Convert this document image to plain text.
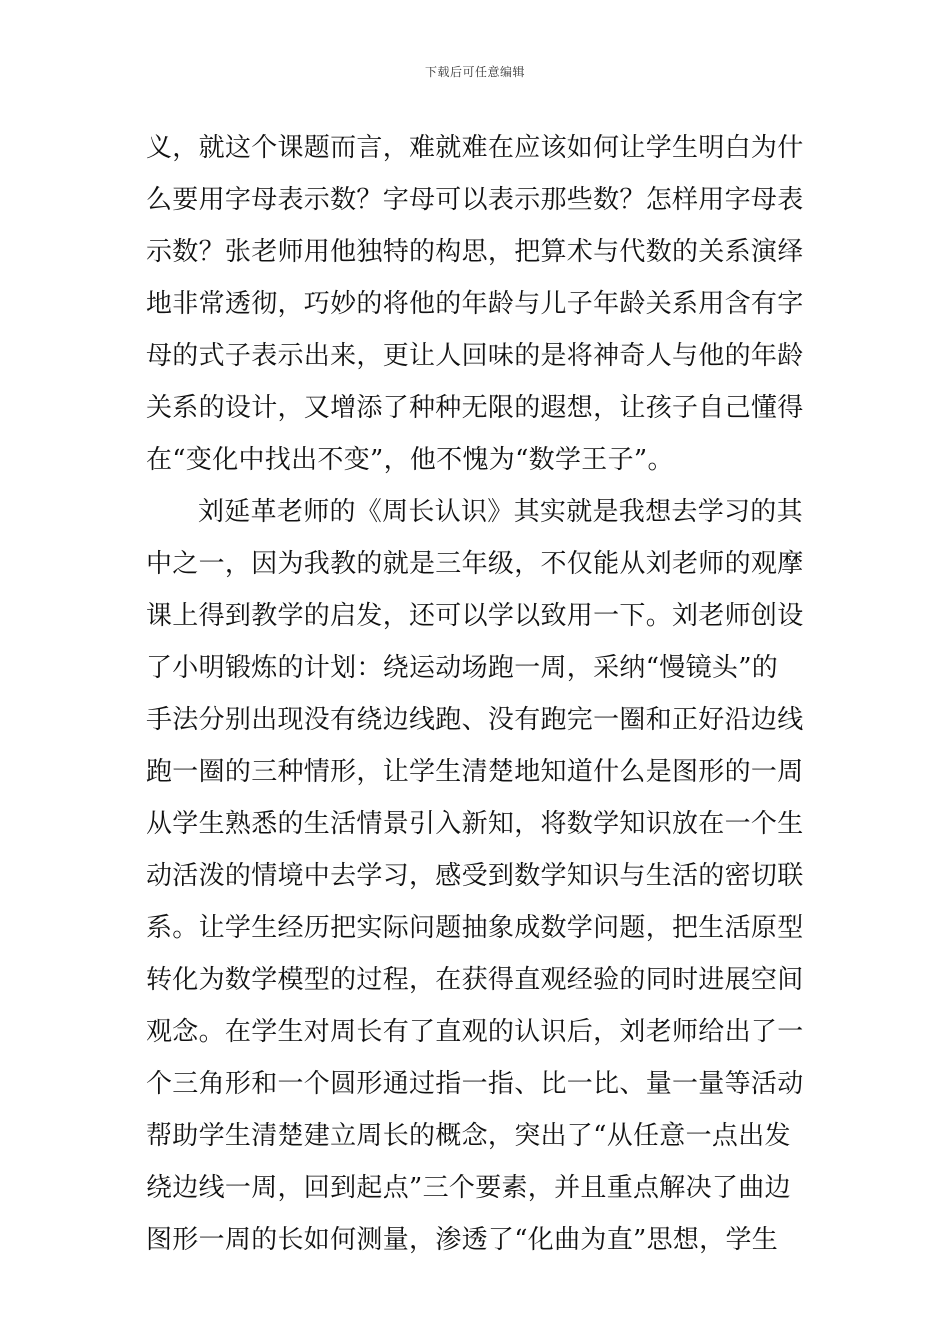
下载后可任意编辑
义，就这个课题而言，难就难在应该如何让学生明白为什
么要用字母表示数？字母可以表示那些数？怎样用字母表
示数？张老师用他独特的构思，把算术与代数的关系演绎
地非常透彻，巧妙的将他的年龄与儿子年龄关系用含有字
母的式子表示出来，更让人回味的是将神奇人与他的年龄
关系的设计，又增添了种种无限的遐想，让孩子自己懂得
在“变化中找出不变”，他不愧为“数学王子”。
刘延革老师的《周长认识》其实就是我想去学习的其
中之一，因为我教的就是三年级，不仅能从刘老师的观摩
课上得到教学的启发，还可以学以致用一下。刘老师创设
了小明锻炼的计划：绕运动场跑一周，采纳“慢镜头”的
手法分别出现没有绕边线跑、没有跑完一圈和正好沿边线
跑一圈的三种情形，让学生清楚地知道什么是图形的一周
从学生熟悉的生活情景引入新知，将数学知识放在一个生
动活泼的情境中去学习，感受到数学知识与生活的密切联
系。让学生经历把实际问题抽象成数学问题，把生活原型
转化为数学模型的过程，在获得直观经验的同时进展空间
观念。在学生对周长有了直观的认识后，刘老师给出了一
个三角形和一个圆形通过指一指、比一比、量一量等活动
帮助学生清楚建立周长的概念，突出了“从任意一点出发
绕边线一周，回到起点”三个要素，并且重点解决了曲边
图形一周的长如何测量，渗透了“化曲为直”思想，学生
